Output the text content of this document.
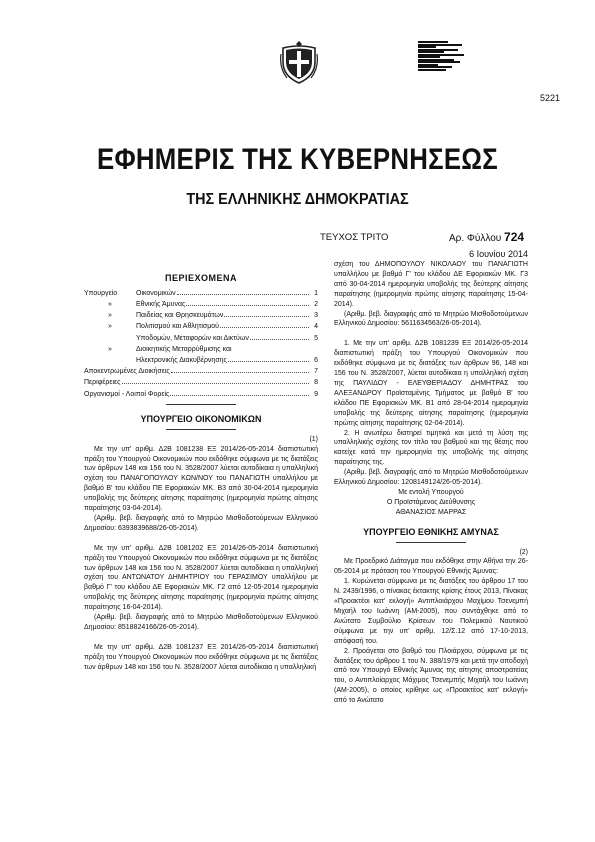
5221
ΕΦΗΜΕΡΙΣ ΤΗΣ ΚΥΒΕΡΝΗΣΕΩΣ
ΤΗΣ ΕΛΛΗΝΙΚΗΣ ΔΗΜΟΚΡΑΤΙΑΣ
ΤΕΥΧΟΣ ΤΡΙΤΟ	Αρ. Φύλλου 724
6 Ιουνίου 2014
ΠΕΡΙΕΧΟΜΕΝΑ
Υπουργείο	Οικονομικών	1
»	Εθνικής Άμυνας	2
»	Παιδείας και Θρησκευμάτων	3
»	Πολιτισμού και Αθλητισμού	4
Υποδομών, Μεταφορών και Δικτύων	5
»	Διοικητικής Μεταρρύθμισης και
Ηλεκτρονικής Διακυβέρνησης	6
Αποκεντρωμένες Διοικήσεις	7
Περιφέρειες	8
Οργανισμοί - Λοιποί Φορείς	9
ΥΠΟΥΡΓΕΙΟ ΟΙΚΟΝΟΜΙΚΩΝ
(1)

Με την υπ' αριθμ. Δ2Β 1081238 ΕΞ 2014/26-05-2014 διαπιστωτική πράξη του Υπουργού Οικονομικών που εκδόθηκε σύμφωνα με τις διατάξεις των άρθρων 148 και 156 του Ν. 3528/2007 λύεται αυτοδίκαια η υπαλληλική σχέση του ΠΑΝΑΓΟΠΟΥΛΟΥ ΚΩΝ/ΝΟΥ του ΠΑΝΑΓΙΩΤΗ υπαλλήλου με βαθμό Β' του κλάδου ΠΕ Εφοριακών ΜΚ. Β3 από 30-04-2014 ημερομηνία υποβολής της δεύτερης αίτησης παραίτησης (ημερομηνία πρώτης αίτησης παραίτησης 03-04-2014).

(Αριθμ. βεβ. διαγραφής από το Μητρώο Μισθοδοτούμενων Ελληνικού Δημοσίου: 6393839688/26-05-2014).

Με την υπ' αριθμ. Δ2Β 1081202 ΕΞ 2014/26-05-2014 διαπιστωτική πράξη του Υπουργού Οικονομικών που εκδόθηκε σύμφωνα με τις διατάξεις των άρθρων 148 και 156 του Ν. 3528/2007 λύεται αυτοδίκαια η υπαλληλική σχέση του ΑΝΤΩΝΑΤΟΥ ΔΗΜΗΤΡΙΟΥ του ΓΕΡΑΣΙΜΟΥ υπαλλήλου με βαθμό Γ' του κλάδου ΔΕ Εφοριακών ΜΚ. Γ2 από 12-05-2014 ημερομηνία υποβολής της δεύτερης αίτησης παραίτησης (ημερομηνία πρώτης αίτησης παραίτησης 16-04-2014).

(Αριθμ. βεβ. διαγραφής από το Μητρώο Μισθοδοτούμενων Ελληνικού Δημοσίου: 8518824166/26-05-2014).

Με την υπ' αριθμ. Δ2Β 1081237 ΕΞ 2014/26-05-2014 διαπιστωτική πράξη του Υπουργού Οικονομικών που εκδόθηκε σύμφωνα με τις διατάξεις των άρθρων 148 και 156 του Ν. 3528/2007 λύεται αυτοδίκαια η υπαλληλική

σχέση του ΔΗΜΟΠΟΥΛΟΥ ΝΙΚΟΛΑΟΥ του ΠΑΝΑΓΙΩΤΗ υπαλλήλου με βαθμό Γ' του κλάδου ΔΕ Εφοριακών ΜΚ. Γ3 από 30-04-2014 ημερομηνία υποβολής της δεύτερης αίτησης παραίτησης (ημερομηνία πρώτης αίτησης παραίτησης 15-04-2014).

(Αριθμ. βεβ. διαγραφής από το Μητρώο Μισθοδοτούμενων Ελληνικού Δημοσίου: 5611634563/26-05-2014).

1. Με την υπ' αριθμ. Δ2Β 1081239 ΕΞ 2014/26-05-2014 διαπιστωτική πράξη του Υπουργού Οικονομικών που εκδόθηκε σύμφωνα με τις διατάξεις των άρθρων 96, 148 και 156 του Ν. 3528/2007, λύεται αυτοδίκαια η υπαλληλική σχέση της ΠΑΥΛΙΔΟΥ - ΕΛΕΥΘΕΡΙΑΔΟΥ ΔΗΜΗΤΡΑΣ του ΑΛΕΞΑΝΔΡΟΥ Προϊσταμένης Τμήματος με βαθμό Β' του κλάδου ΠΕ Εφοριακών ΜΚ. Β1 από 28-04-2014 ημερομηνία υποβολής της δεύτερης αίτησης παραίτησης (ημερομηνία πρώτης αίτησης παραίτησης 02-04-2014).

2. Η ανωτέρω διατηρεί τιμητικά και μετά τη λύση της υπαλληλικής σχέσης τον τίτλο του βαθμού και της θέσης που κατείχε κατά την ημερομηνία της υποβολής της αίτησης παραίτησης της.

(Αριθμ. βεβ. διαγραφής από το Μητρώο Μισθοδοτούμενων Ελληνικού Δημοσίου: 1208149124/26-05-2014).

Με εντολή Υπουργού
Ο Προϊστάμενος Διεύθυνσης
ΑΘΑΝΑΣΙΟΣ ΜΑΡΡΑΣ
ΥΠΟΥΡΓΕΙΟ ΕΘΝΙΚΗΣ ΑΜΥΝΑΣ
(2)

Με Προεδρικό Διάταγμα που εκδόθηκε στην Αθήνα την 26-05-2014 με πρόταση του Υπουργού Εθνικής Άμυνας:

1. Κυρώνεται σύμφωνα με τις διατάξεις του άρθρου 17 του Ν. 2439/1996, ο πίνακας έκτακτης κρίσης έτους 2013, Πίνακας «Προακτέοι κατ' εκλογή» Αντιπλοιάρχου Μαχίμου Τσενεμπή Μιχαήλ του Ιωάννη (ΑΜ-2005), που συντάχθηκε από το Ανώτατο Συμβούλιο Κρίσεων του Πολεμικού Ναυτικού σύμφωνα με την υπ' αριθμ. 12/Σ.12 από 17-10-2013, απόφασή του.

2. Προάγεται στο βαθμό του Πλοιάρχου, σύμφωνα με τις διατάξεις του άρθρου 1 του Ν. 388/1979 και μετά την αποδοχή από τον Υπουργό Εθνικής Άμυνας της αίτησης αποστρατείας του, ο Αντιπλοίαρχος Μάχιμος Τσενεμπής Μιχαήλ του Ιωάννη (ΑΜ-2005), ο οποίος κρίθηκε ως «Προακτέος κατ' εκλογή» από το Ανώτατο
